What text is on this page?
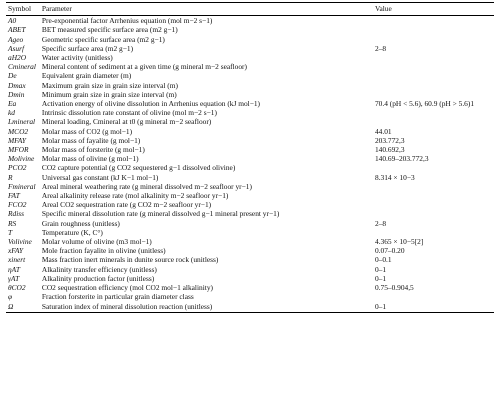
Symbol	Parameter	Value
A0	Pre-exponential factor Arrhenius equation (mol m−2 s−1)	
ABET	BET measured specific surface area (m2 g−1)	
Ageo	Geometric specific surface area (m2 g−1)	
Asurf	Specific surface area (m2 g−1)	2–8
aH2O	Water activity (unitless)	
Cmineral	Mineral content of sediment at a given time (g mineral m−2 seafloor)	
De	Equivalent grain diameter (m)	
Dmax	Maximum grain size in grain size interval (m)	
Dmin	Minimum grain size in grain size interval (m)	
Ea	Activation energy of olivine dissolution in Arrhenius equation (kJ mol−1)	70.4 (pH < 5.6), 60.9 (pH > 5.6)1
kd	Intrinsic dissolution rate constant of olivine (mol m−2 s−1)	
Lmineral	Mineral loading, Cmineral at t0 (g mineral m−2 seafloor)	
MCO2	Molar mass of CO2 (g mol−1)	44.01
MFAY	Molar mass of fayalite (g mol−1)	203.772,3
MFOR	Molar mass of forsterite (g mol−1)	140.692,3
Molivine	Molar mass of olivine (g mol−1)	140.69–203.772,3
PCO2	CO2 capture potential (g CO2 sequestered g−1 dissolved olivine)	
R	Universal gas constant (kJ K−1 mol−1)	8.314 × 10−3
Fmineral	Areal mineral weathering rate (g mineral dissolved m−2 seafloor yr−1)	
FAT	Areal alkalinity release rate (mol alkalinity m−2 seafloor yr−1)	
FCO2	Areal CO2 sequestration rate (g CO2 m−2 seafloor yr−1)	
Rdiss	Specific mineral dissolution rate (g mineral dissolved g−1 mineral present yr−1)	
RS	Grain roughness (unitless)	2–8
T	Temperature (K, C°)	
Volivine	Molar volume of olivine (m3 mol−1)	4.365 × 10−5[2]
xFAY	Mole fraction fayalite in olivine (unitless)	0.07–0.20
xinert	Mass fraction inert minerals in dunite source rock (unitless)	0–0.1
ηAT	Alkalinity transfer efficiency (unitless)	0–1
γAT	Alkalinity production factor (unitless)	0–1
θCO2	CO2 sequestration efficiency (mol CO2 mol−1 alkalinity)	0.75–0.904,5
φ	Fraction forsterite in particular grain diameter class	
Ω	Saturation index of mineral dissolution reaction (unitless)	0–1
